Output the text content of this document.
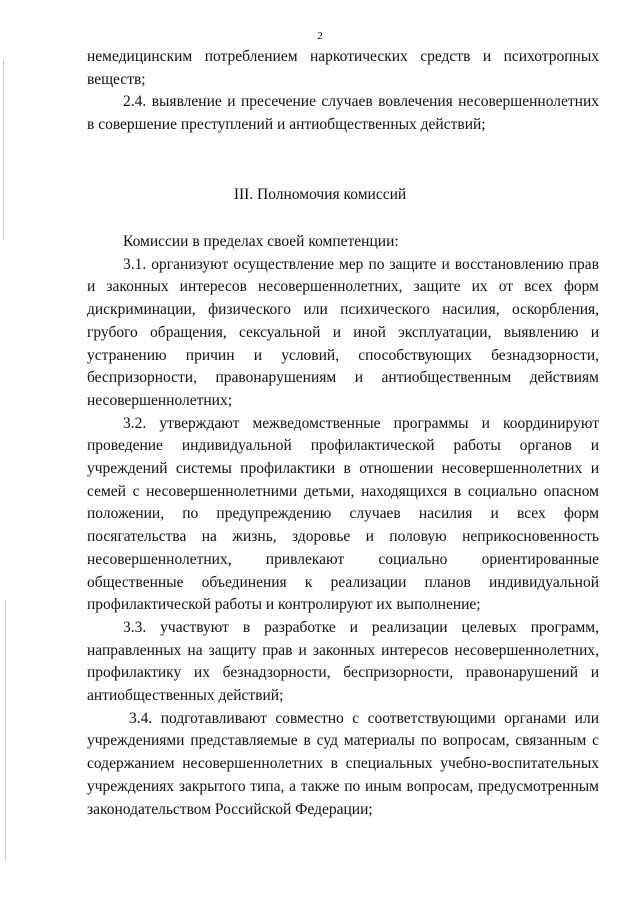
2

немедицинским потреблением наркотических средств и психотропных веществ;

2.4. выявление и пресечение случаев вовлечения несовершеннолетних в совершение преступлений и антиобщественных действий;

III. Полномочия комиссий

Комиссии в пределах своей компетенции:

3.1. организуют осуществление мер по защите и восстановлению прав и законных интересов несовершеннолетних, защите их от всех форм дискриминации, физического или психического насилия, оскорбления, грубого обращения, сексуальной и иной эксплуатации, выявлению и устранению причин и условий, способствующих безнадзорности, беспризорности, правонарушениям и антиобщественным действиям несовершеннолетних;

3.2. утверждают межведомственные программы и координируют проведение индивидуальной профилактической работы органов и учреждений системы профилактики в отношении несовершеннолетних и семей с несовершеннолетними детьми, находящихся в социально опасном положении, по предупреждению случаев насилия и всех форм посягательства на жизнь, здоровье и половую неприкосновенность несовершеннолетних, привлекают социально ориентированные общественные объединения к реализации планов индивидуальной профилактической работы и контролируют их выполнение;

3.3. участвуют в разработке и реализации целевых программ, направленных на защиту прав и законных интересов несовершеннолетних, профилактику их безнадзорности, беспризорности, правонарушений и антиобщественных действий;

3.4. подготавливают совместно с соответствующими органами или учреждениями представляемые в суд материалы по вопросам, связанным с содержанием несовершеннолетних в специальных учебно-воспитательных учреждениях закрытого типа, а также по иным вопросам, предусмотренным законодательством Российской Федерации;
